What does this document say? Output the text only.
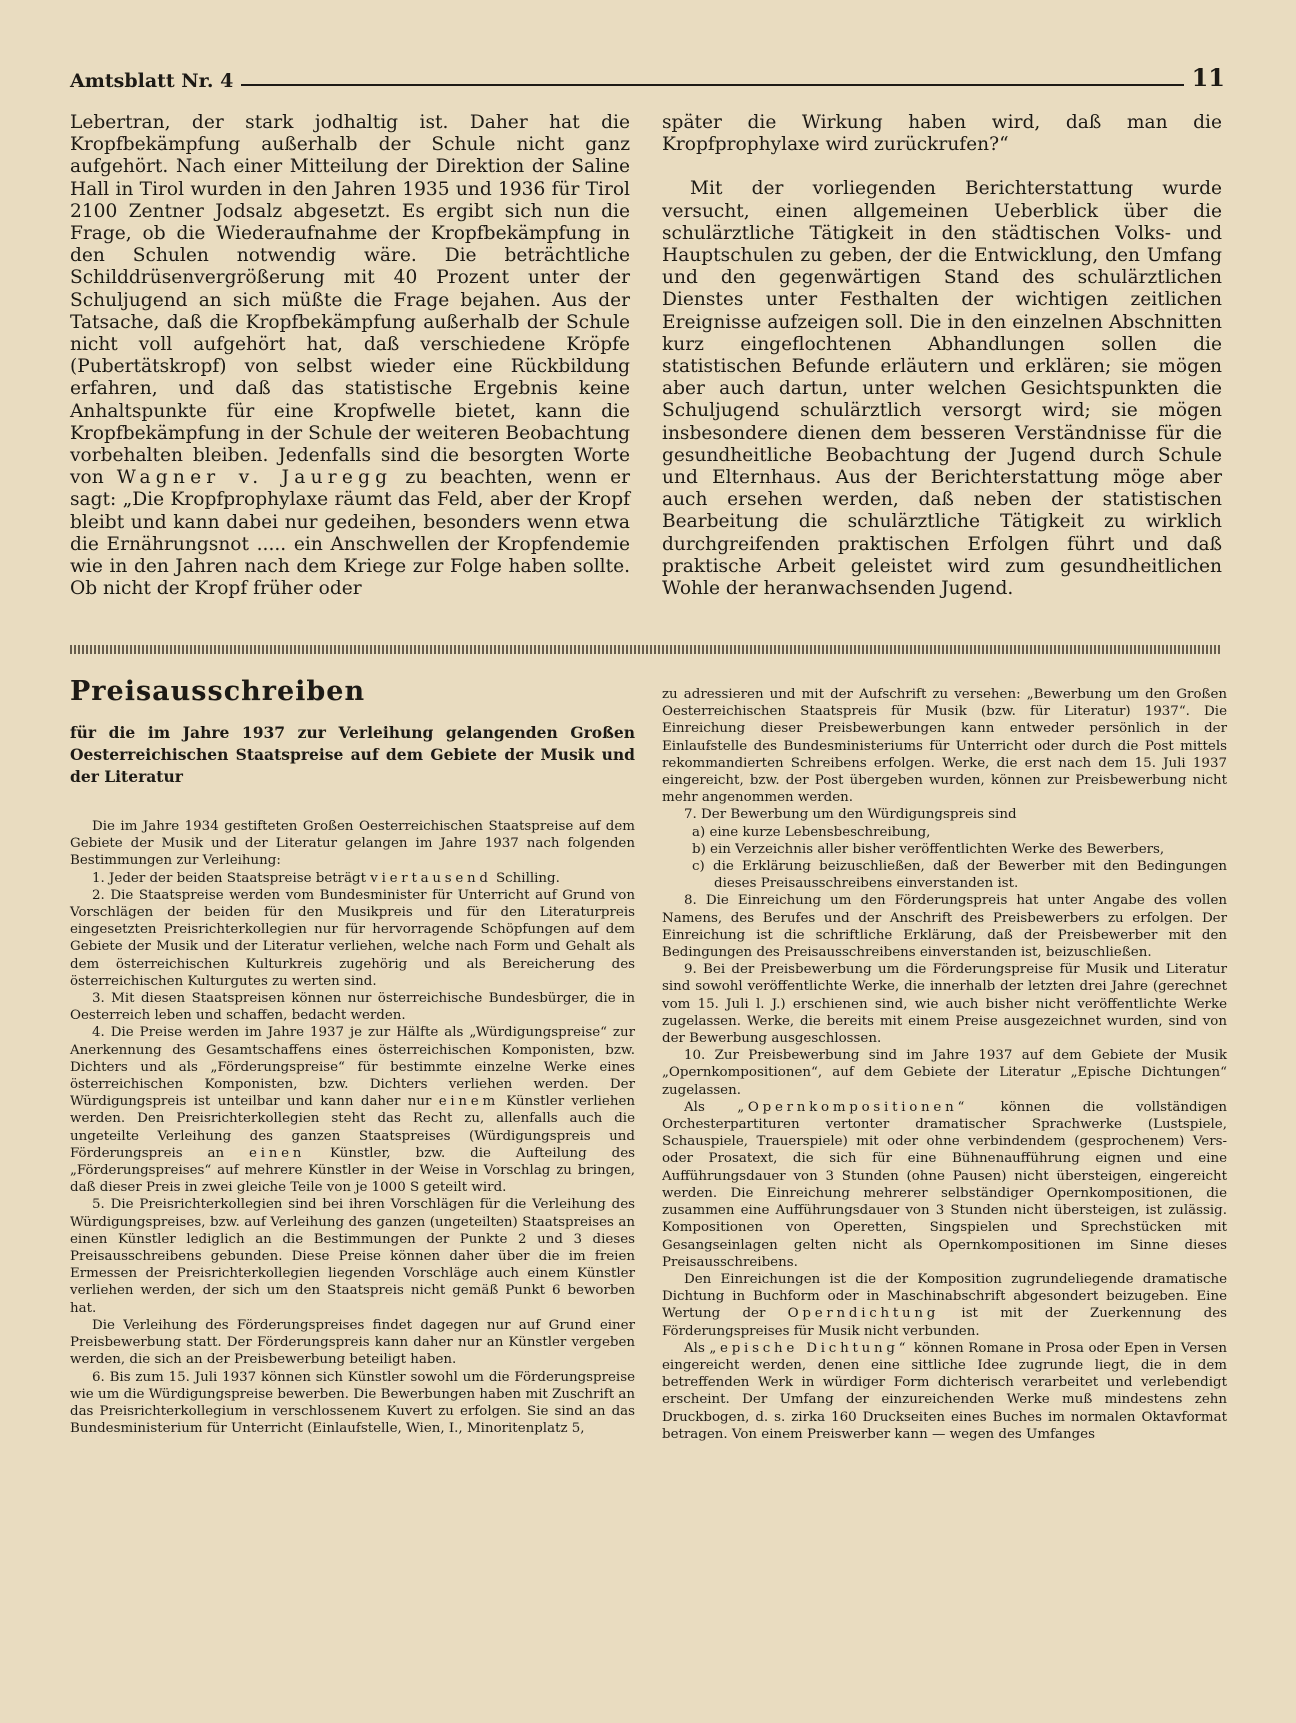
Amtsblatt Nr. 4	11

Lebertran, der stark jodhaltig ist. Daher hat die Kropfbekämpfung außerhalb der Schule nicht ganz aufgehört. Nach einer Mitteilung der Direktion der Saline Hall in Tirol wurden in den Jahren 1935 und 1936 für Tirol 2100 Zentner Jodsalz abgesetzt. Es ergibt sich nun die Frage, ob die Wiederaufnahme der Kropfbekämpfung in den Schulen notwendig wäre. Die beträchtliche Schilddrüsenvergrößerung mit 40 Prozent unter der Schuljugend an sich müßte die Frage bejahen. Aus der Tatsache, daß die Kropfbekämpfung außerhalb der Schule nicht voll aufgehört hat, daß verschiedene Kröpfe (Pubertätskropf) von selbst wieder eine Rückbildung erfahren, und daß das statistische Ergebnis keine Anhaltspunkte für eine Kropfwelle bietet, kann die Kropfbekämpfung in der Schule der weiteren Beobachtung vorbehalten bleiben. Jedenfalls sind die besorgten Worte von Wagner v. Jauregg zu beachten, wenn er sagt: „Die Kropfprophylaxe räumt das Feld, aber der Kropf bleibt und kann dabei nur gedeihen, besonders wenn etwa die Ernährungsnot ..... ein Anschwellen der Kropfendemie wie in den Jahren nach dem Kriege zur Folge haben sollte. Ob nicht der Kropf früher oder

später die Wirkung haben wird, daß man die Kropfprophylaxe wird zurückrufen?“

Mit der vorliegenden Berichterstattung wurde versucht, einen allgemeinen Ueberblick über die schulärztliche Tätigkeit in den städtischen Volks- und Hauptschulen zu geben, der die Entwicklung, den Umfang und den gegenwärtigen Stand des schulärztlichen Dienstes unter Festhalten der wichtigen zeitlichen Ereignisse aufzeigen soll. Die in den einzelnen Abschnitten kurz eingeflochtenen Abhandlungen sollen die statistischen Befunde erläutern und erklären; sie mögen aber auch dartun, unter welchen Gesichtspunkten die Schuljugend schulärztlich versorgt wird; sie mögen insbesondere dienen dem besseren Verständnisse für die gesundheitliche Beobachtung der Jugend durch Schule und Elternhaus. Aus der Berichterstattung möge aber auch ersehen werden, daß neben der statistischen Bearbeitung die schulärztliche Tätigkeit zu wirklich durchgreifenden praktischen Erfolgen führt und daß praktische Arbeit geleistet wird zum gesundheitlichen Wohle der heranwachsenden Jugend.

Preisausschreiben
für die im Jahre 1937 zur Verleihung gelangenden Großen Oesterreichischen Staatspreise auf dem Gebiete der Musik und der Literatur

Die im Jahre 1934 gestifteten Großen Oesterreichischen Staatspreise auf dem Gebiete der Musik und der Literatur gelangen im Jahre 1937 nach folgenden Bestimmungen zur Verleihung:

1. Jeder der beiden Staatspreise beträgt viertausend Schilling.

2. Die Staatspreise werden vom Bundesminister für Unterricht auf Grund von Vorschlägen der beiden für den Musikpreis und für den Literaturpreis eingesetzten Preisrichterkollegien nur für hervorragende Schöpfungen auf dem Gebiete der Musik und der Literatur verliehen, welche nach Form und Gehalt als dem österreichischen Kulturkreis zugehörig und als Bereicherung des österreichischen Kulturgutes zu werten sind.

3. Mit diesen Staatspreisen können nur österreichische Bundesbürger, die in Oesterreich leben und schaffen, bedacht werden.

4. Die Preise werden im Jahre 1937 je zur Hälfte als „Würdigungspreise“ zur Anerkennung des Gesamtschaffens eines österreichischen Komponisten, bzw. Dichters und als „Förderungspreise“ für bestimmte einzelne Werke eines österreichischen Komponisten, bzw. Dichters verliehen werden. Der Würdigungspreis ist unteilbar und kann daher nur einem Künstler verliehen werden. Den Preisrichterkollegien steht das Recht zu, allenfalls auch die ungeteilte Verleihung des ganzen Staatspreises (Würdigungspreis und Förderungspreis an einen Künstler, bzw. die Aufteilung des „Förderungspreises“ auf mehrere Künstler in der Weise in Vorschlag zu bringen, daß dieser Preis in zwei gleiche Teile von je 1000 S geteilt wird.

5. Die Preisrichterkollegien sind bei ihren Vorschlägen für die Verleihung des Würdigungspreises, bzw. auf Verleihung des ganzen (ungeteilten) Staatspreises an einen Künstler lediglich an die Bestimmungen der Punkte 2 und 3 dieses Preisausschreibens gebunden. Diese Preise können daher über die im freien Ermessen der Preisrichterkollegien liegenden Vorschläge auch einem Künstler verliehen werden, der sich um den Staatspreis nicht gemäß Punkt 6 beworben hat.

Die Verleihung des Förderungspreises findet dagegen nur auf Grund einer Preisbewerbung statt. Der Förderungspreis kann daher nur an Künstler vergeben werden, die sich an der Preisbewerbung beteiligt haben.

6. Bis zum 15. Juli 1937 können sich Künstler sowohl um die Förderungspreise wie um die Würdigungspreise bewerben. Die Bewerbungen haben mit Zuschrift an das Preisrichterkollegium in verschlossenem Kuvert zu erfolgen. Sie sind an das Bundesministerium für Unterricht (Einlaufstelle, Wien, I., Minoritenplatz 5,

zu adressieren und mit der Aufschrift zu versehen: „Bewerbung um den Großen Oesterreichischen Staatspreis für Musik (bzw. für Literatur) 1937“. Die Einreichung dieser Preisbewerbungen kann entweder persönlich in der Einlaufstelle des Bundesministeriums für Unterricht oder durch die Post mittels rekommandierten Schreibens erfolgen. Werke, die erst nach dem 15. Juli 1937 eingereicht, bzw. der Post übergeben wurden, können zur Preisbewerbung nicht mehr angenommen werden.

7. Der Bewerbung um den Würdigungspreis sind

a) eine kurze Lebensbeschreibung,
b) ein Verzeichnis aller bisher veröffentlichten Werke des Bewerbers,
c) die Erklärung beizuschließen, daß der Bewerber mit den Bedingungen dieses Preisausschreibens einverstanden ist.

8. Die Einreichung um den Förderungspreis hat unter Angabe des vollen Namens, des Berufes und der Anschrift des Preisbewerbers zu erfolgen. Der Einreichung ist die schriftliche Erklärung, daß der Preisbewerber mit den Bedingungen des Preisausschreibens einverstanden ist, beizuschließen.

9. Bei der Preisbewerbung um die Förderungspreise für Musik und Literatur sind sowohl veröffentlichte Werke, die innerhalb der letzten drei Jahre (gerechnet vom 15. Juli l. J.) erschienen sind, wie auch bisher nicht veröffentlichte Werke zugelassen. Werke, die bereits mit einem Preise ausgezeichnet wurden, sind von der Bewerbung ausgeschlossen.

10. Zur Preisbewerbung sind im Jahre 1937 auf dem Gebiete der Musik „Opernkompositionen“, auf dem Gebiete der Literatur „Epische Dichtungen“ zugelassen.

Als „Opernkompositionen“ können die vollständigen Orchesterpartituren vertonter dramatischer Sprachwerke (Lustspiele, Schauspiele, Trauerspiele) mit oder ohne verbindendem (gesprochenem) Vers- oder Prosatext, die sich für eine Bühnenaufführung eignen und eine Aufführungsdauer von 3 Stunden (ohne Pausen) nicht übersteigen, eingereicht werden. Die Einreichung mehrerer selbständiger Opernkompositionen, die zusammen eine Aufführungsdauer von 3 Stunden nicht übersteigen, ist zulässig. Kompositionen von Operetten, Singspielen und Sprechstücken mit Gesangseinlagen gelten nicht als Opernkompositionen im Sinne dieses Preisausschreibens.

Den Einreichungen ist die der Komposition zugrundeliegende dramatische Dichtung in Buchform oder in Maschinabschrift abgesondert beizugeben. Eine Wertung der Operndichtung ist mit der Zuerkennung des Förderungspreises für Musik nicht verbunden.

Als „epische Dichtung“ können Romane in Prosa oder Epen in Versen eingereicht werden, denen eine sittliche Idee zugrunde liegt, die in dem betreffenden Werk in würdiger Form dichterisch verarbeitet und verlebendigt erscheint. Der Umfang der einzureichenden Werke muß mindestens zehn Druckbogen, d. s. zirka 160 Druckseiten eines Buches im normalen Oktavformat betragen. Von einem Preiswerber kann — wegen des Umfanges
